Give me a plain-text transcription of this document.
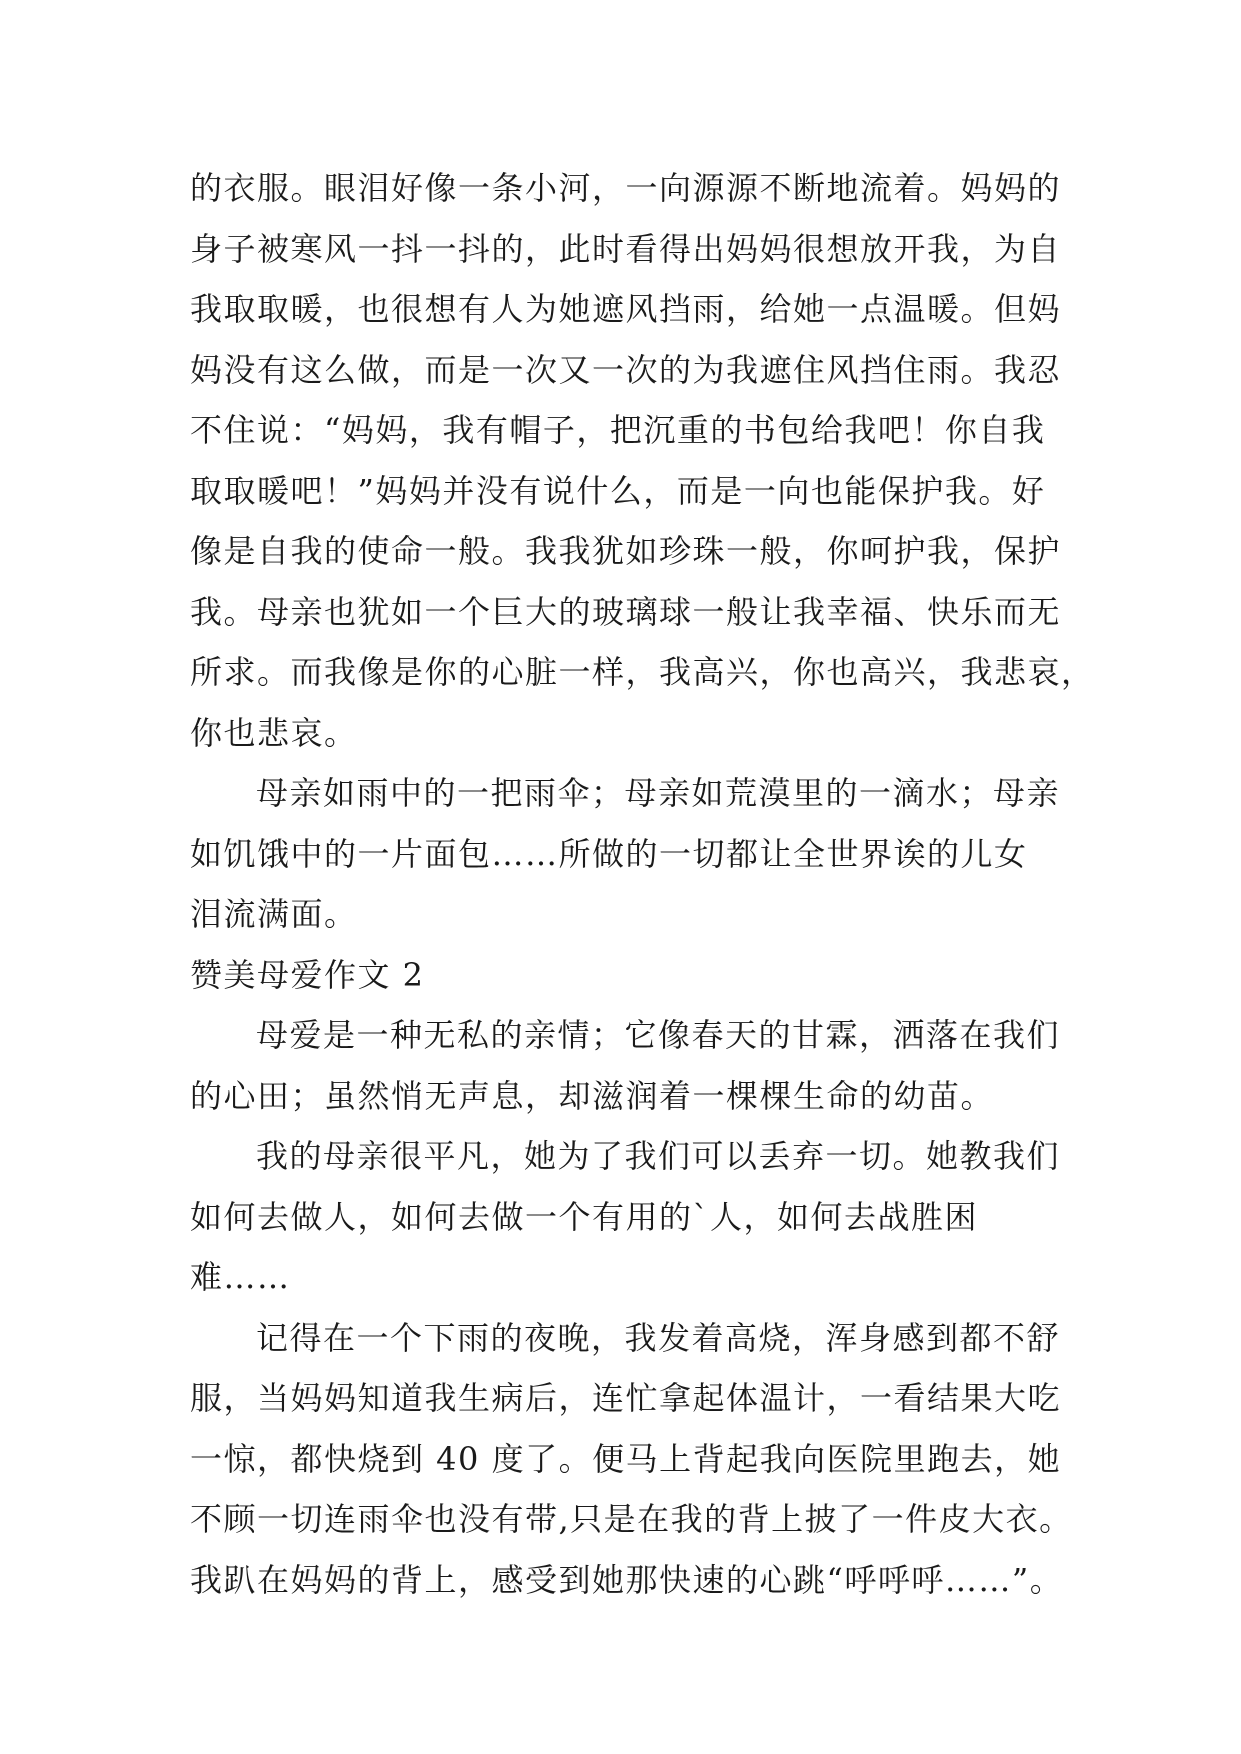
的衣服。眼泪好像一条小河，一向源源不断地流着。妈妈的
身子被寒风一抖一抖的，此时看得出妈妈很想放开我，为自
我取取暖，也很想有人为她遮风挡雨，给她一点温暖。但妈
妈没有这么做，而是一次又一次的为我遮住风挡住雨。我忍
不住说：“妈妈，我有帽子，把沉重的书包给我吧！你自我
取取暖吧！”妈妈并没有说什么，而是一向也能保护我。好
像是自我的使命一般。我我犹如珍珠一般，你呵护我，保护
我。母亲也犹如一个巨大的玻璃球一般让我幸福、快乐而无
所求。而我像是你的心脏一样，我高兴，你也高兴，我悲哀，
你也悲哀。
母亲如雨中的一把雨伞；母亲如荒漠里的一滴水；母亲
如饥饿中的一片面包……所做的一切都让全世界诶的儿女
泪流满面。
赞美母爱作文 2
母爱是一种无私的亲情；它像春天的甘霖，洒落在我们
的心田；虽然悄无声息，却滋润着一棵棵生命的幼苗。
我的母亲很平凡，她为了我们可以丢弃一切。她教我们
如何去做人，如何去做一个有用的`人，如何去战胜困
难……
记得在一个下雨的夜晚，我发着高烧，浑身感到都不舒
服，当妈妈知道我生病后，连忙拿起体温计，一看结果大吃
一惊，都快烧到 40 度了。便马上背起我向医院里跑去，她
不顾一切连雨伞也没有带,只是在我的背上披了一件皮大衣。
我趴在妈妈的背上，感受到她那快速的心跳“呼呼呼……”。
